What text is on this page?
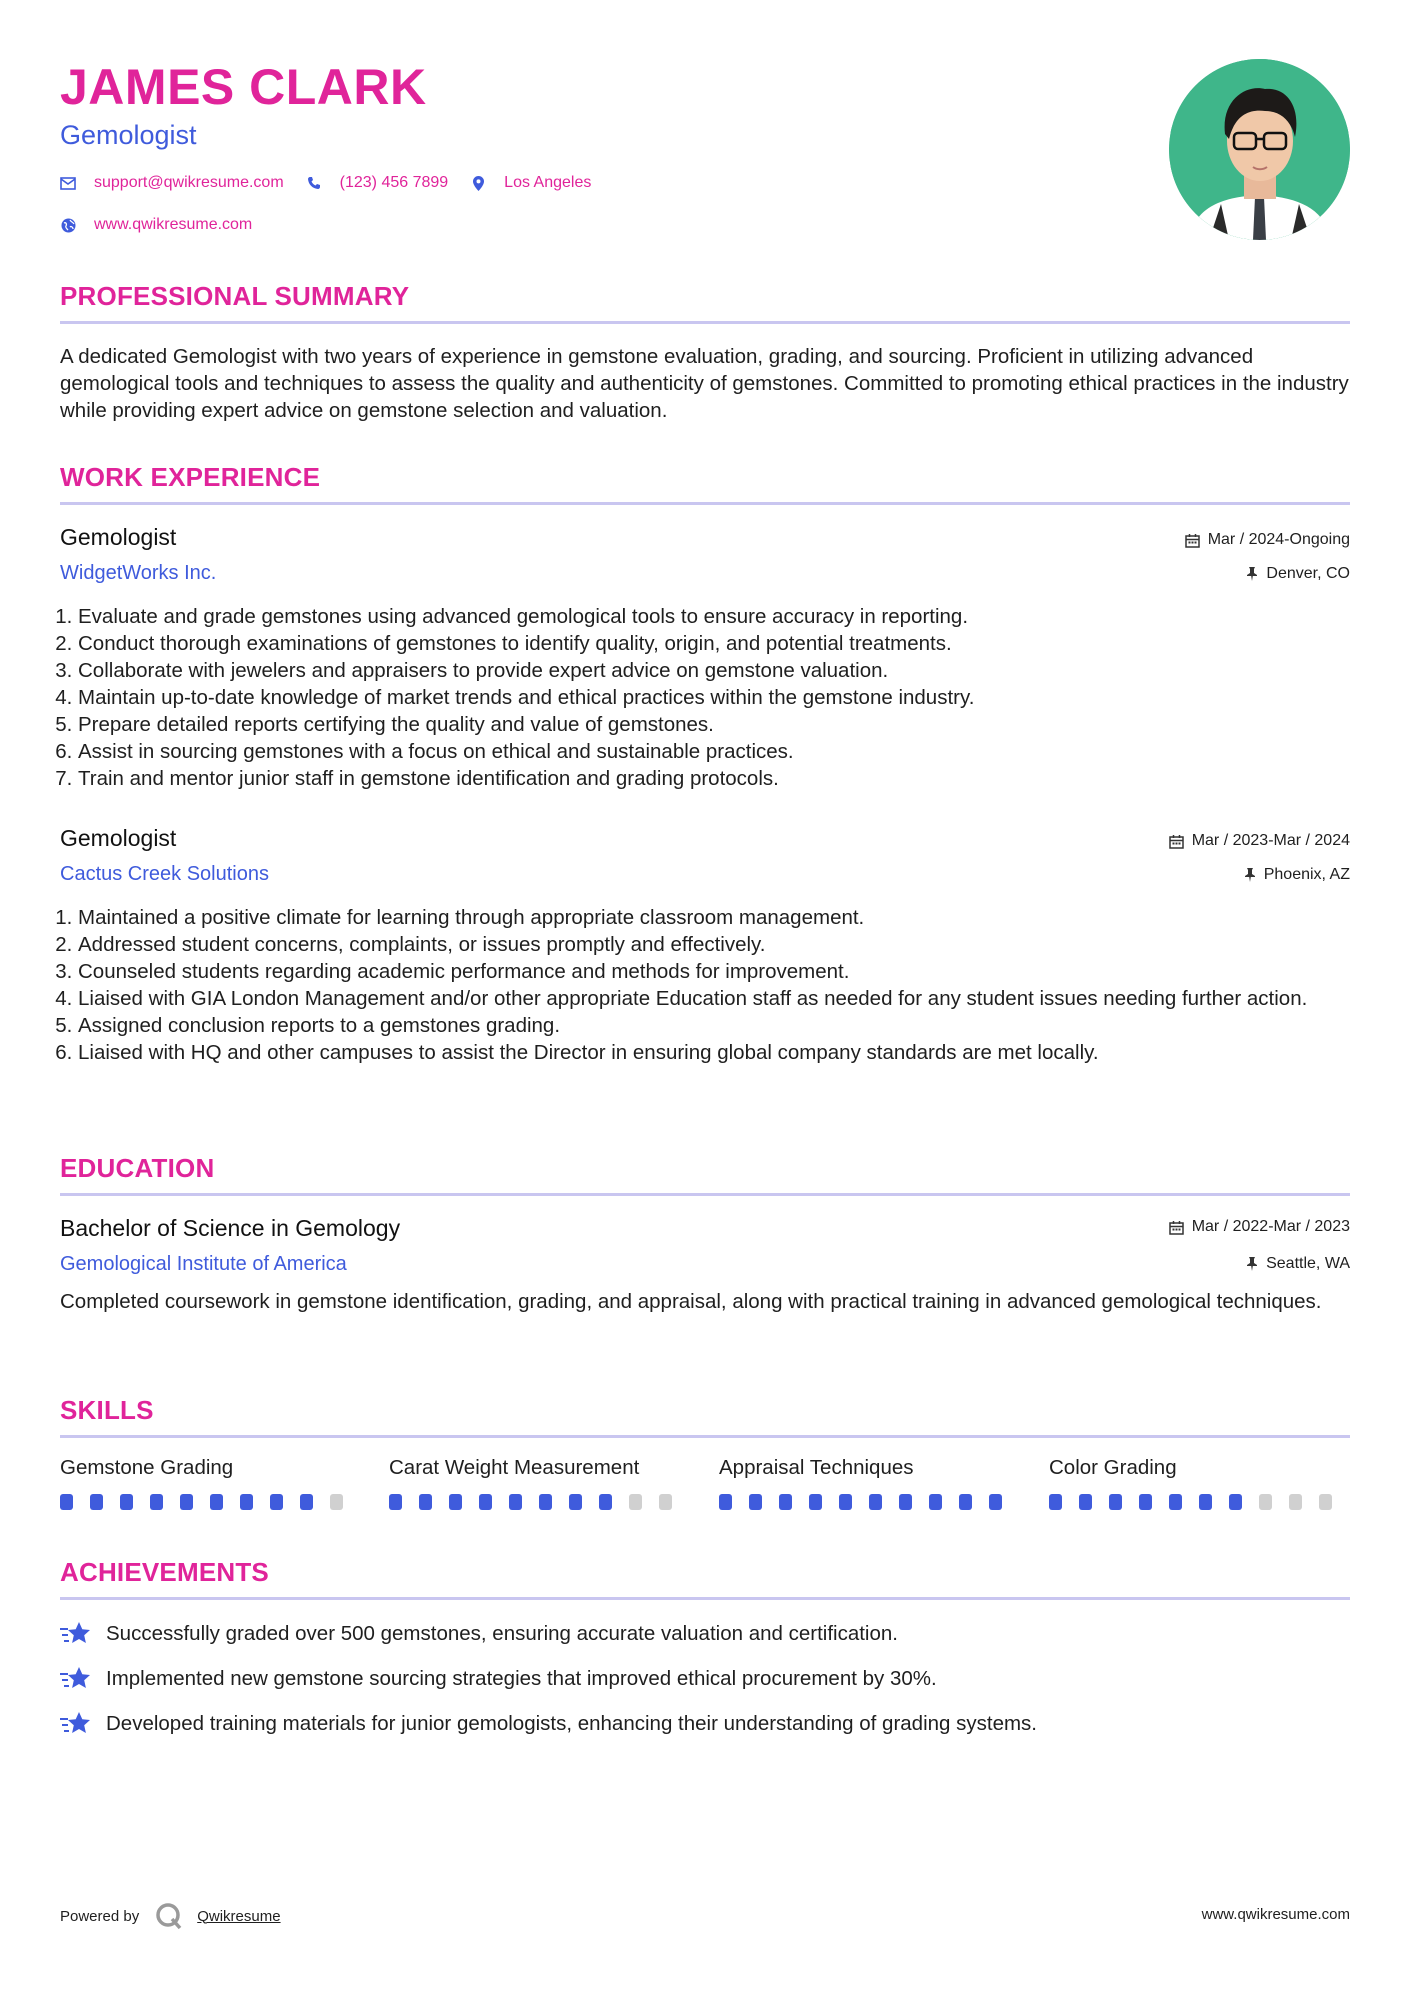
JAMES CLARK
Gemologist
support@qwikresume.com	(123) 456 7899	Los Angeles
www.qwikresume.com
PROFESSIONAL SUMMARY
A dedicated Gemologist with two years of experience in gemstone evaluation, grading, and sourcing. Proficient in utilizing advanced gemological tools and techniques to assess the quality and authenticity of gemstones. Committed to promoting ethical practices in the industry while providing expert advice on gemstone selection and valuation.
WORK EXPERIENCE
Gemologist	Mar / 2024-Ongoing
WidgetWorks Inc.	Denver, CO
1. Evaluate and grade gemstones using advanced gemological tools to ensure accuracy in reporting.
2. Conduct thorough examinations of gemstones to identify quality, origin, and potential treatments.
3. Collaborate with jewelers and appraisers to provide expert advice on gemstone valuation.
4. Maintain up-to-date knowledge of market trends and ethical practices within the gemstone industry.
5. Prepare detailed reports certifying the quality and value of gemstones.
6. Assist in sourcing gemstones with a focus on ethical and sustainable practices.
7. Train and mentor junior staff in gemstone identification and grading protocols.
Gemologist	Mar / 2023-Mar / 2024
Cactus Creek Solutions	Phoenix, AZ
1. Maintained a positive climate for learning through appropriate classroom management.
2. Addressed student concerns, complaints, or issues promptly and effectively.
3. Counseled students regarding academic performance and methods for improvement.
4. Liaised with GIA London Management and/or other appropriate Education staff as needed for any student issues needing further action.
5. Assigned conclusion reports to a gemstones grading.
6. Liaised with HQ and other campuses to assist the Director in ensuring global company standards are met locally.
EDUCATION
Bachelor of Science in Gemology	Mar / 2022-Mar / 2023
Gemological Institute of America	Seattle, WA
Completed coursework in gemstone identification, grading, and appraisal, along with practical training in advanced gemological techniques.
SKILLS
Gemstone Grading	Carat Weight Measurement	Appraisal Techniques	Color Grading
ACHIEVEMENTS
Successfully graded over 500 gemstones, ensuring accurate valuation and certification.
Implemented new gemstone sourcing strategies that improved ethical procurement by 30%.
Developed training materials for junior gemologists, enhancing their understanding of grading systems.
Powered by	Qwikresume	www.qwikresume.com
